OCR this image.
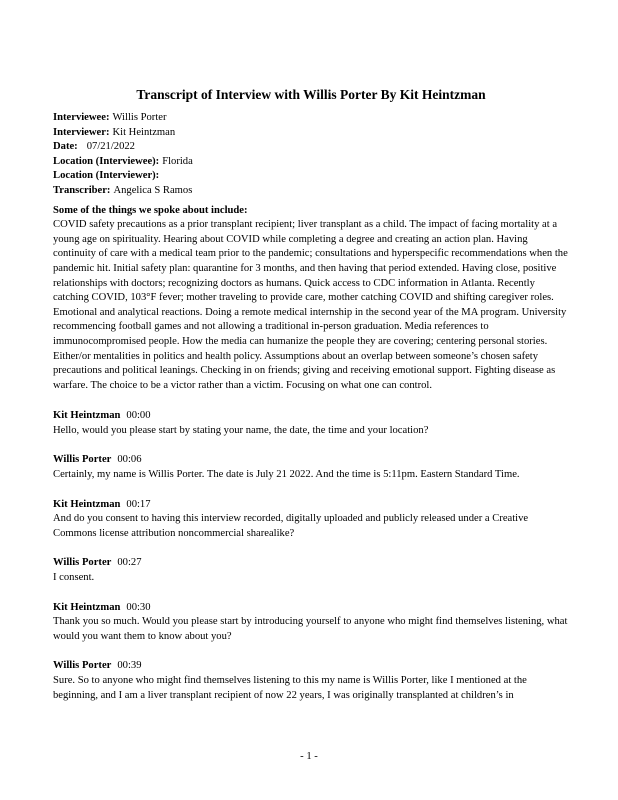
Transcript of Interview with Willis Porter By Kit Heintzman
Interviewee: Willis Porter
Interviewer: Kit Heintzman
Date: 07/21/2022
Location (Interviewee): Florida
Location (Interviewer):
Transcriber: Angelica S Ramos

Some of the things we spoke about include:

COVID safety precautions as a prior transplant recipient; liver transplant as a child. The impact of facing mortality at a young age on spirituality. Hearing about COVID while completing a degree and creating an action plan. Having continuity of care with a medical team prior to the pandemic; consultations and hyperspecific recommendations when the pandemic hit. Initial safety plan: quarantine for 3 months, and then having that period extended. Having close, positive relationships with doctors; recognizing doctors as humans. Quick access to CDC information in Atlanta. Recently catching COVID, 103°F fever; mother traveling to provide care, mother catching COVID and shifting caregiver roles. Emotional and analytical reactions. Doing a remote medical internship in the second year of the MA program. University recommencing football games and not allowing a traditional in-person graduation. Media references to immunocompromised people. How the media can humanize the people they are covering; centering personal stories. Either/or mentalities in politics and health policy. Assumptions about an overlap between someone’s chosen safety precautions and political leanings. Checking in on friends; giving and receiving emotional support. Fighting disease as warfare. The choice to be a victor rather than a victim. Focusing on what one can control.

Kit Heintzman 00:00

Hello, would you please start by stating your name, the date, the time and your location?

Willis Porter 00:06

Certainly, my name is Willis Porter. The date is July 21 2022. And the time is 5:11pm. Eastern Standard Time.

Kit Heintzman 00:17

And do you consent to having this interview recorded, digitally uploaded and publicly released under a Creative Commons license attribution noncommercial sharealike?

Willis Porter 00:27

I consent.

Kit Heintzman 00:30

Thank you so much. Would you please start by introducing yourself to anyone who might find themselves listening, what would you want them to know about you?

Willis Porter 00:39

Sure. So to anyone who might find themselves listening to this my name is Willis Porter, like I mentioned at the beginning, and I am a liver transplant recipient of now 22 years, I was originally transplanted at children’s in

- 1 -
